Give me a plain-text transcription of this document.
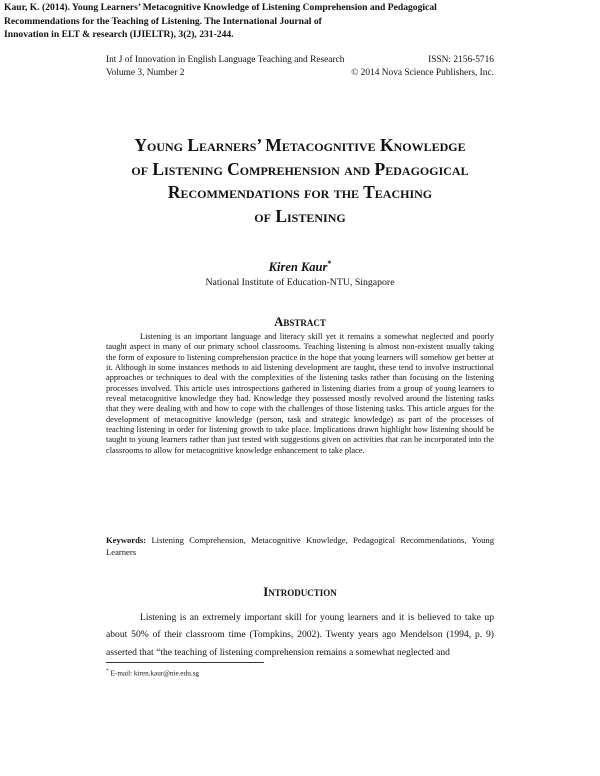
Kaur, K. (2014). Young Learners’ Metacognitive Knowledge of Listening Comprehension and Pedagogical
Recommendations for the Teaching of Listening. The International Journal of
Innovation in ELT & research (IJIELTR), 3(2), 231-244.
Int J of Innovation in English Language Teaching and Research	ISSN: 2156-5716
Volume 3, Number 2	© 2014 Nova Science Publishers, Inc.
Young Learners’ Metacognitive Knowledge
of Listening Comprehension and Pedagogical
Recommendations for the Teaching
of Listening
Kiren Kaur*
National Institute of Education-NTU, Singapore
Abstract

Listening is an important language and literacy skill yet it remains a somewhat neglected and poorly taught aspect in many of our primary school classrooms. Teaching listening is almost non-existent usually taking the form of exposure to listening comprehension practice in the hope that young learners will somehow get better at it. Although in some instances methods to aid listening development are taught, these tend to involve instructional approaches or techniques to deal with the complexities of the listening tasks rather than focusing on the listening processes involved. This article uses introspections gathered in listening diaries from a group of young learners to reveal metacognitive knowledge they had. Knowledge they possessed mostly revolved around the listening tasks that they were dealing with and how to cope with the challenges of those listening tasks. This article argues for the development of metacognitive knowledge (person, task and strategic knowledge) as part of the processes of teaching listening in order for listening growth to take place. Implications drawn highlight how listening should be taught to young learners rather than just tested with suggestions given on activities that can be incorporated into the classrooms to allow for metacognitive knowledge enhancement to take place.

Keywords: Listening Comprehension, Metacognitive Knowledge, Pedagogical Recommendations, Young Learners
Introduction

Listening is an extremely important skill for young learners and it is believed to take up about 50% of their classroom time (Tompkins, 2002). Twenty years ago Mendelson (1994, p. 9) asserted that “the teaching of listening comprehension remains a somewhat neglected and

* E-mail: kiren.kaur@nie.edu.sg
